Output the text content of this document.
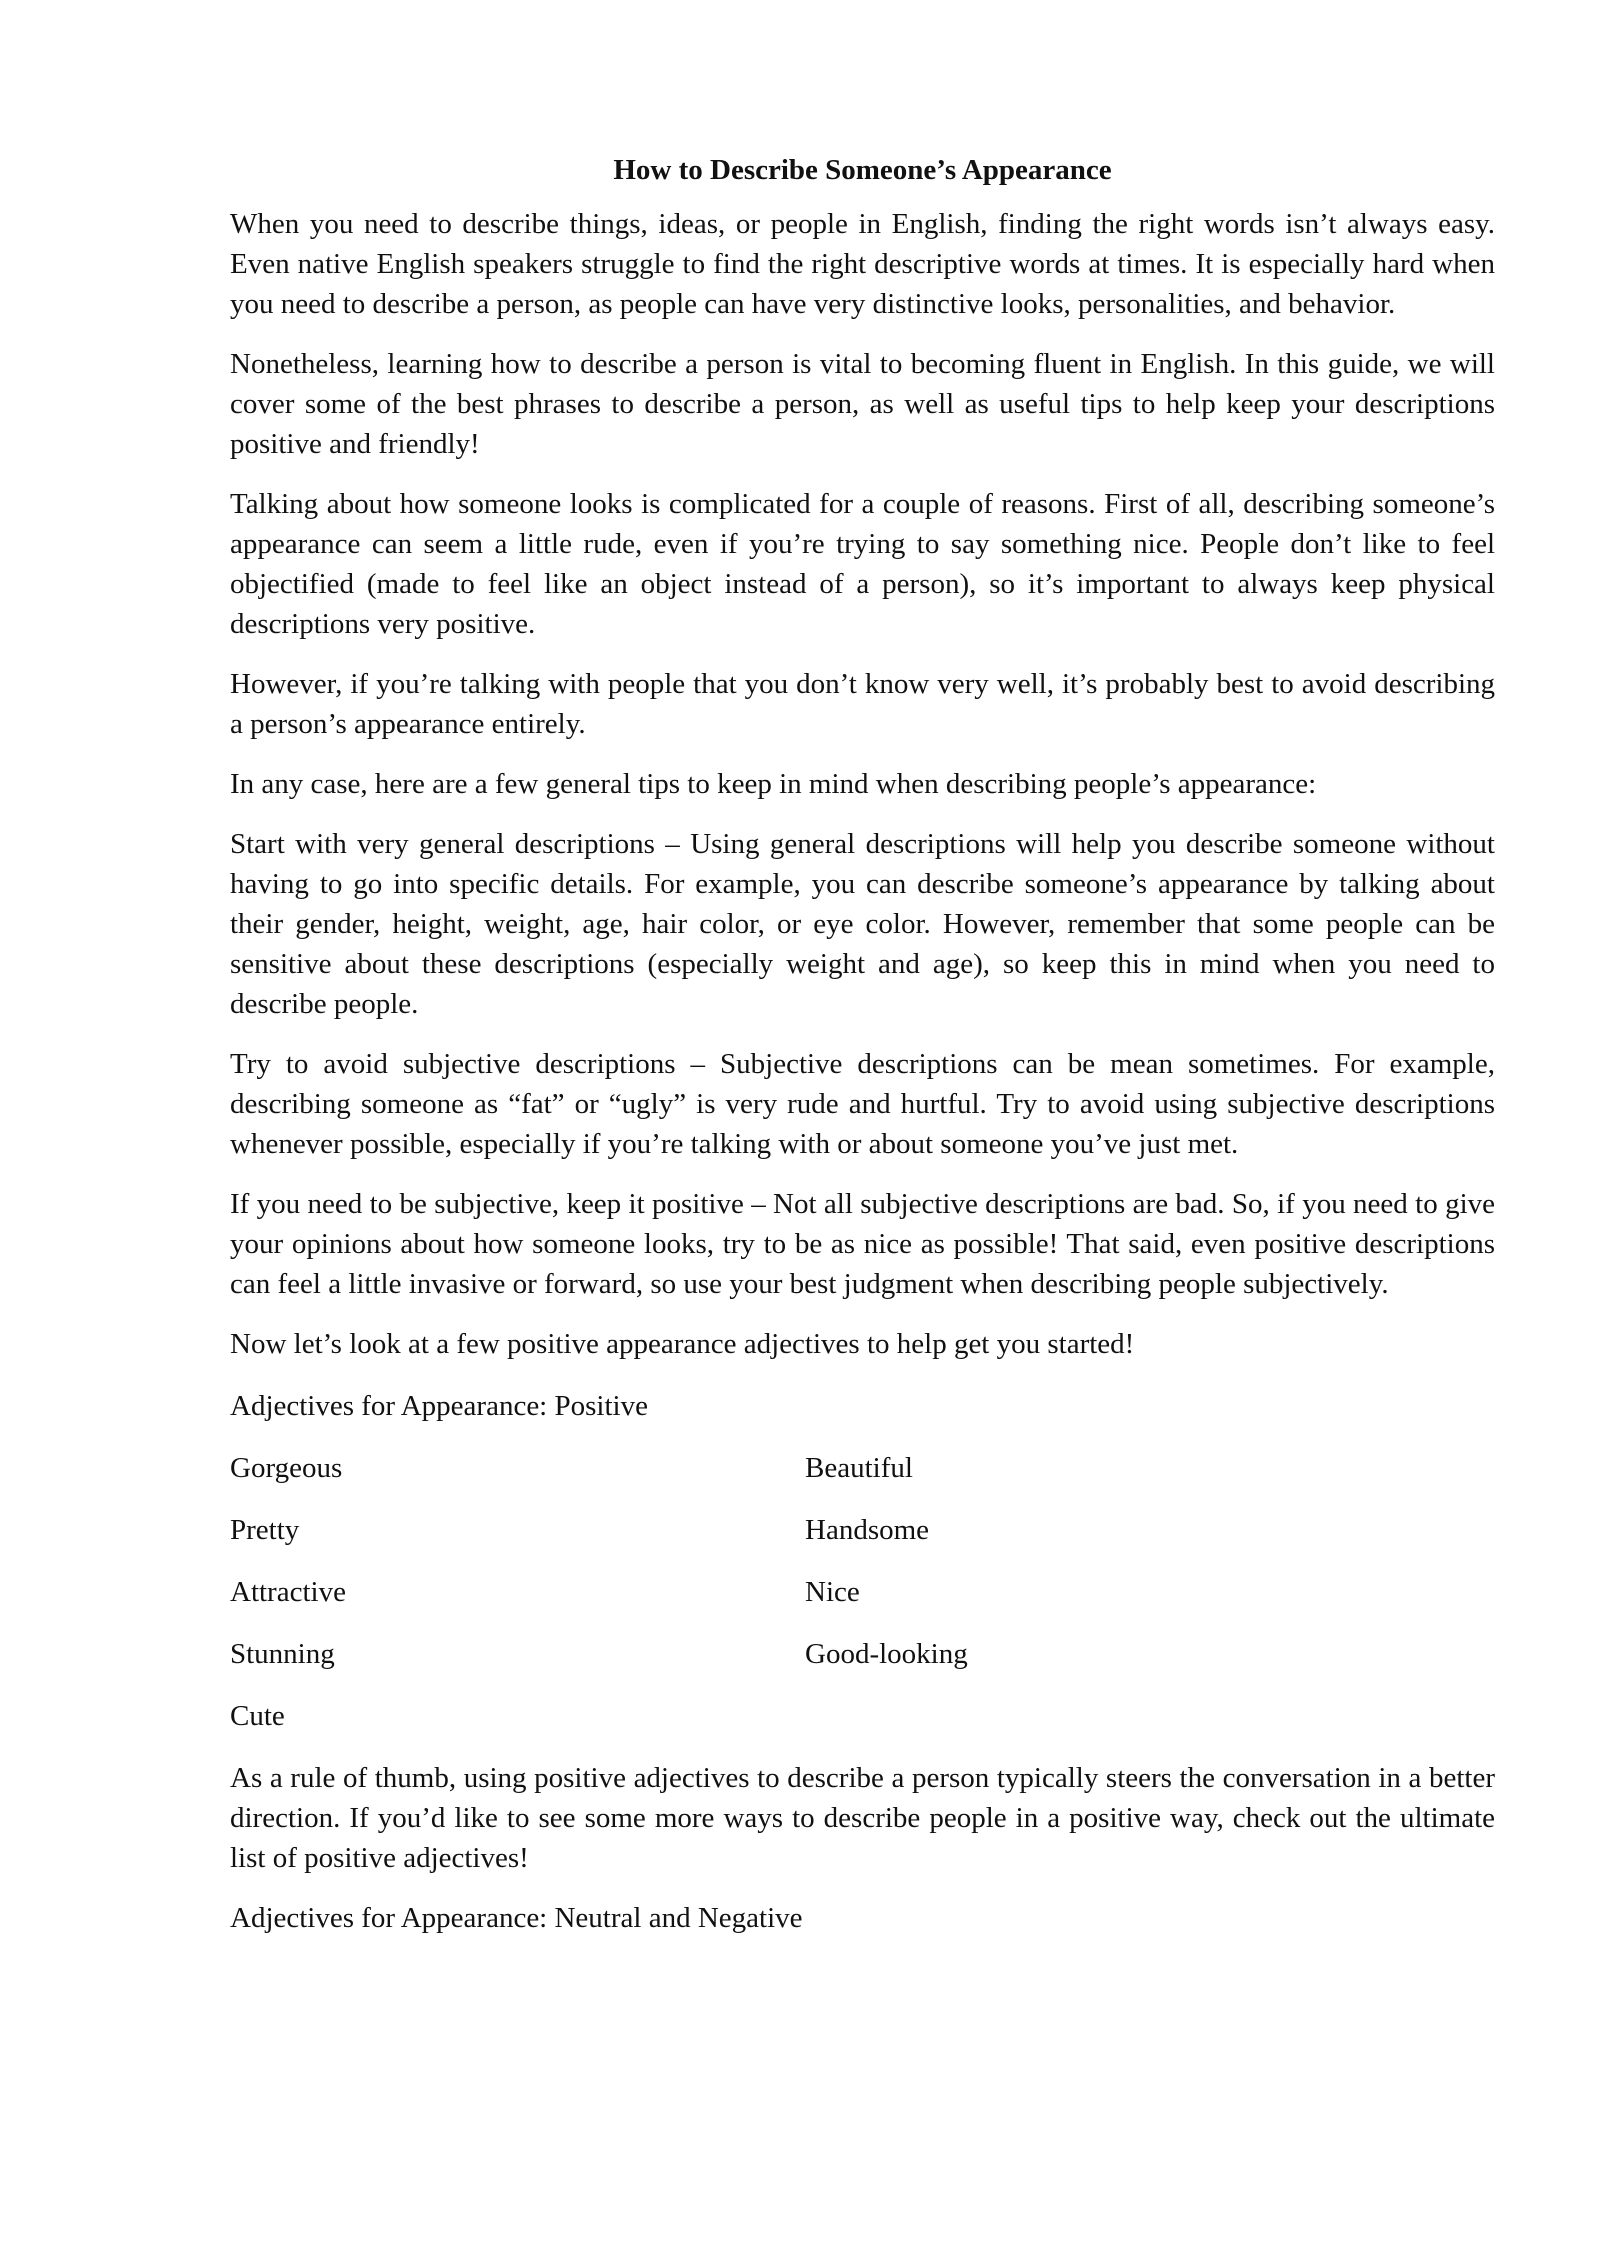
How to Describe Someone’s Appearance

When you need to describe things, ideas, or people in English, finding the right words isn’t always easy. Even native English speakers struggle to find the right descriptive words at times. It is especially hard when you need to describe a person, as people can have very distinctive looks, personalities, and behavior.

Nonetheless, learning how to describe a person is vital to becoming fluent in English. In this guide, we will cover some of the best phrases to describe a person, as well as useful tips to help keep your descriptions positive and friendly!

Talking about how someone looks is complicated for a couple of reasons. First of all, describing someone’s appearance can seem a little rude, even if you’re trying to say something nice. People don’t like to feel objectified (made to feel like an object instead of a person), so it’s important to always keep physical descriptions very positive.

However, if you’re talking with people that you don’t know very well, it’s probably best to avoid describing a person’s appearance entirely.

In any case, here are a few general tips to keep in mind when describing people’s appearance:

Start with very general descriptions – Using general descriptions will help you describe someone without having to go into specific details. For example, you can describe someone’s appearance by talking about their gender, height, weight, age, hair color, or eye color. However, remember that some people can be sensitive about these descriptions (especially weight and age), so keep this in mind when you need to describe people.

Try to avoid subjective descriptions – Subjective descriptions can be mean sometimes. For example, describing someone as “fat” or “ugly” is very rude and hurtful. Try to avoid using subjective descriptions whenever possible, especially if you’re talking with or about someone you’ve just met.

If you need to be subjective, keep it positive – Not all subjective descriptions are bad. So, if you need to give your opinions about how someone looks, try to be as nice as possible! That said, even positive descriptions can feel a little invasive or forward, so use your best judgment when describing people subjectively.

Now let’s look at a few positive appearance adjectives to help get you started!

Adjectives for Appearance: Positive

Gorgeous	Beautiful
Pretty	Handsome
Attractive	Nice
Stunning	Good-looking
Cute

As a rule of thumb, using positive adjectives to describe a person typically steers the conversation in a better direction. If you’d like to see some more ways to describe people in a positive way, check out the ultimate list of positive adjectives!

Adjectives for Appearance: Neutral and Negative
